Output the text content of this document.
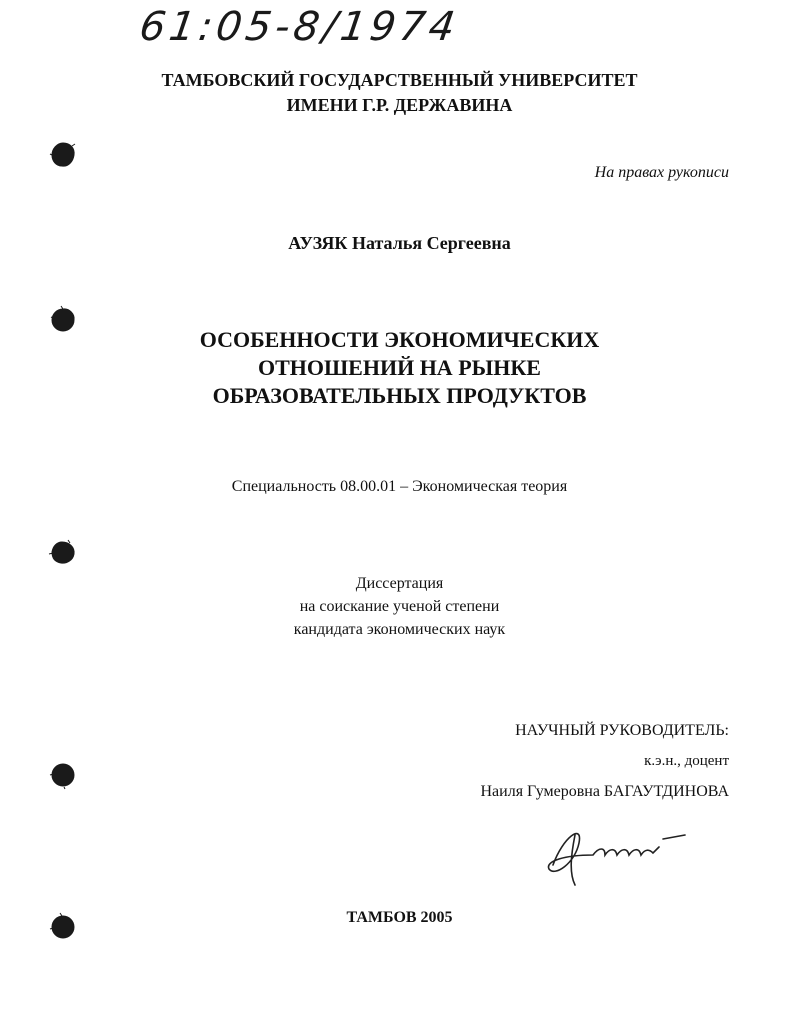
61:05-8/1974
ТАМБОВСКИЙ ГОСУДАРСТВЕННЫЙ УНИВЕРСИТЕТ
ИМЕНИ Г.Р. ДЕРЖАВИНА
На правах рукописи
АУЗЯК Наталья Сергеевна
ОСОБЕННОСТИ ЭКОНОМИЧЕСКИХ
ОТНОШЕНИЙ НА РЫНКЕ
ОБРАЗОВАТЕЛЬНЫХ ПРОДУКТОВ
Специальность 08.00.01 – Экономическая теория
Диссертация
на соискание ученой степени
кандидата экономических наук
НАУЧНЫЙ РУКОВОДИТЕЛЬ:
к.э.н., доцент
Наиля Гумеровна БАГАУТДИНОВА
ТАМБОВ 2005
